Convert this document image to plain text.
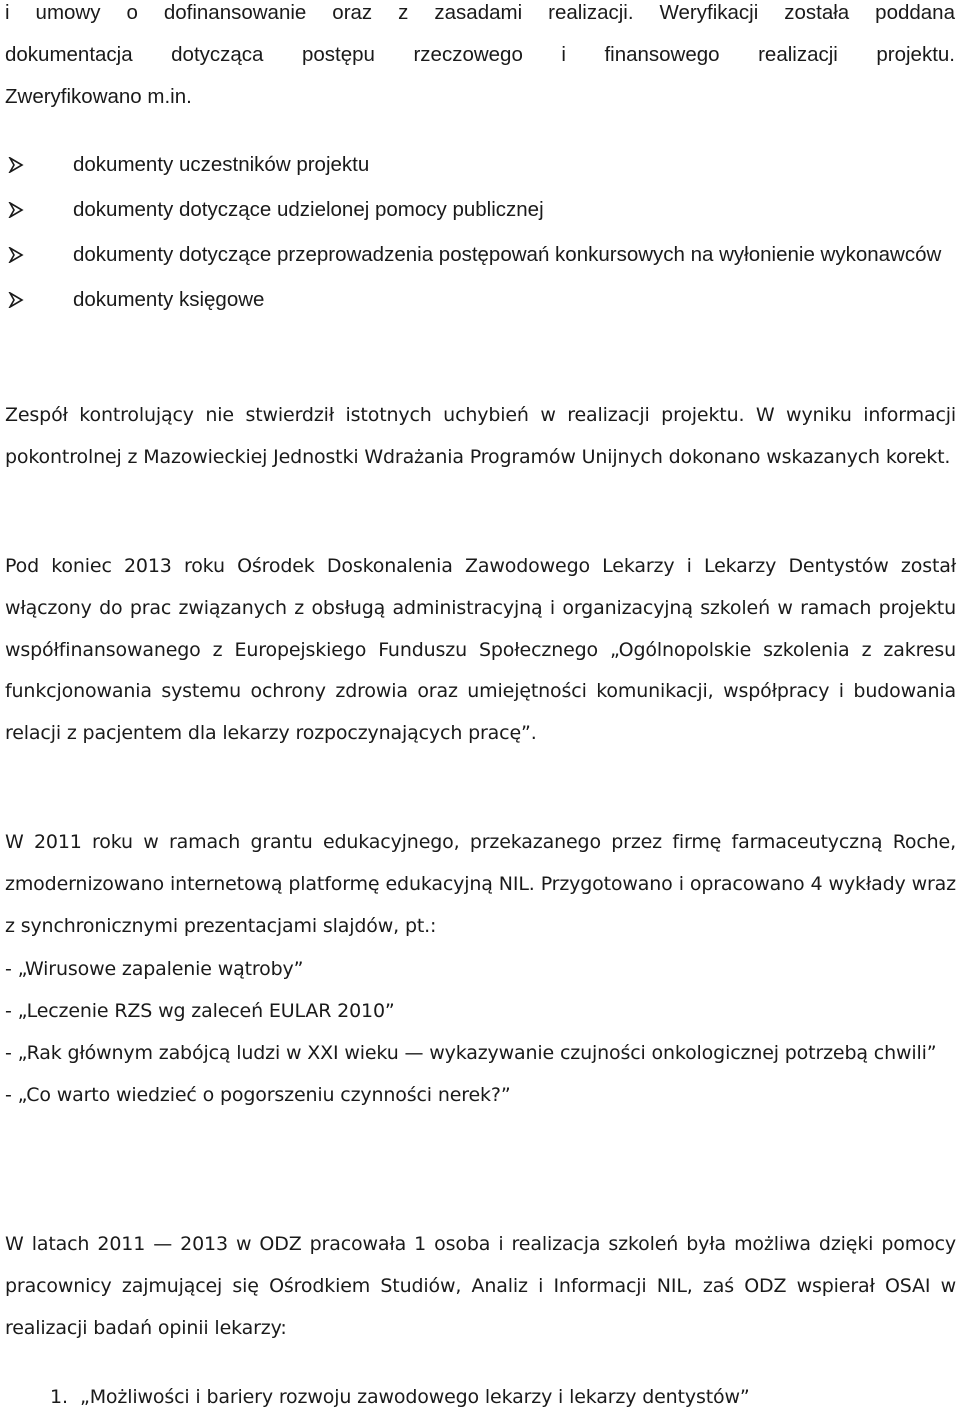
i umowy o dofinansowanie oraz z zasadami realizacji. Weryfikacji została poddana

dokumentacja dotycząca postępu rzeczowego i finansowego realizacji projektu.

Zweryfikowano m.in.

dokumenty uczestników projektu
dokumenty dotyczące udzielonej pomocy publicznej
dokumenty dotyczące przeprowadzenia postępowań konkursowych na wyłonienie wykonawców
dokumenty księgowe

Zespół kontrolujący nie stwierdził istotnych uchybień w realizacji projektu. W wyniku informacji pokontrolnej z Mazowieckiej Jednostki Wdrażania Programów Unijnych dokonano wskazanych korekt.

Pod koniec 2013 roku Ośrodek Doskonalenia Zawodowego Lekarzy i Lekarzy Dentystów został włączony do prac związanych z obsługą administracyjną i organizacyjną szkoleń w ramach projektu współfinansowanego z Europejskiego Funduszu Społecznego „Ogólnopolskie szkolenia z zakresu funkcjonowania systemu ochrony zdrowia oraz umiejętności komunikacji, współpracy i budowania relacji z pacjentem dla lekarzy rozpoczynających pracę”.

W 2011 roku w ramach grantu edukacyjnego, przekazanego przez firmę farmaceutyczną Roche, zmodernizowano internetową platformę edukacyjną NIL. Przygotowano i opracowano 4 wykłady wraz z synchronicznymi prezentacjami slajdów, pt.:

- „Wirusowe zapalenie wątroby”

- „Leczenie RZS wg zaleceń EULAR 2010”

- „Rak głównym zabójcą ludzi w XXI wieku — wykazywanie czujności onkologicznej potrzebą chwili”

- „Co warto wiedzieć o pogorszeniu czynności nerek?”

W latach 2011 — 2013 w ODZ pracowała 1 osoba i realizacja szkoleń była możliwa dzięki pomocy pracownicy zajmującej się Ośrodkiem Studiów, Analiz i Informacji NIL, zaś ODZ wspierał OSAI w realizacji badań opinii lekarzy:

1. „Możliwości i bariery rozwoju zawodowego lekarzy i lekarzy dentystów”
